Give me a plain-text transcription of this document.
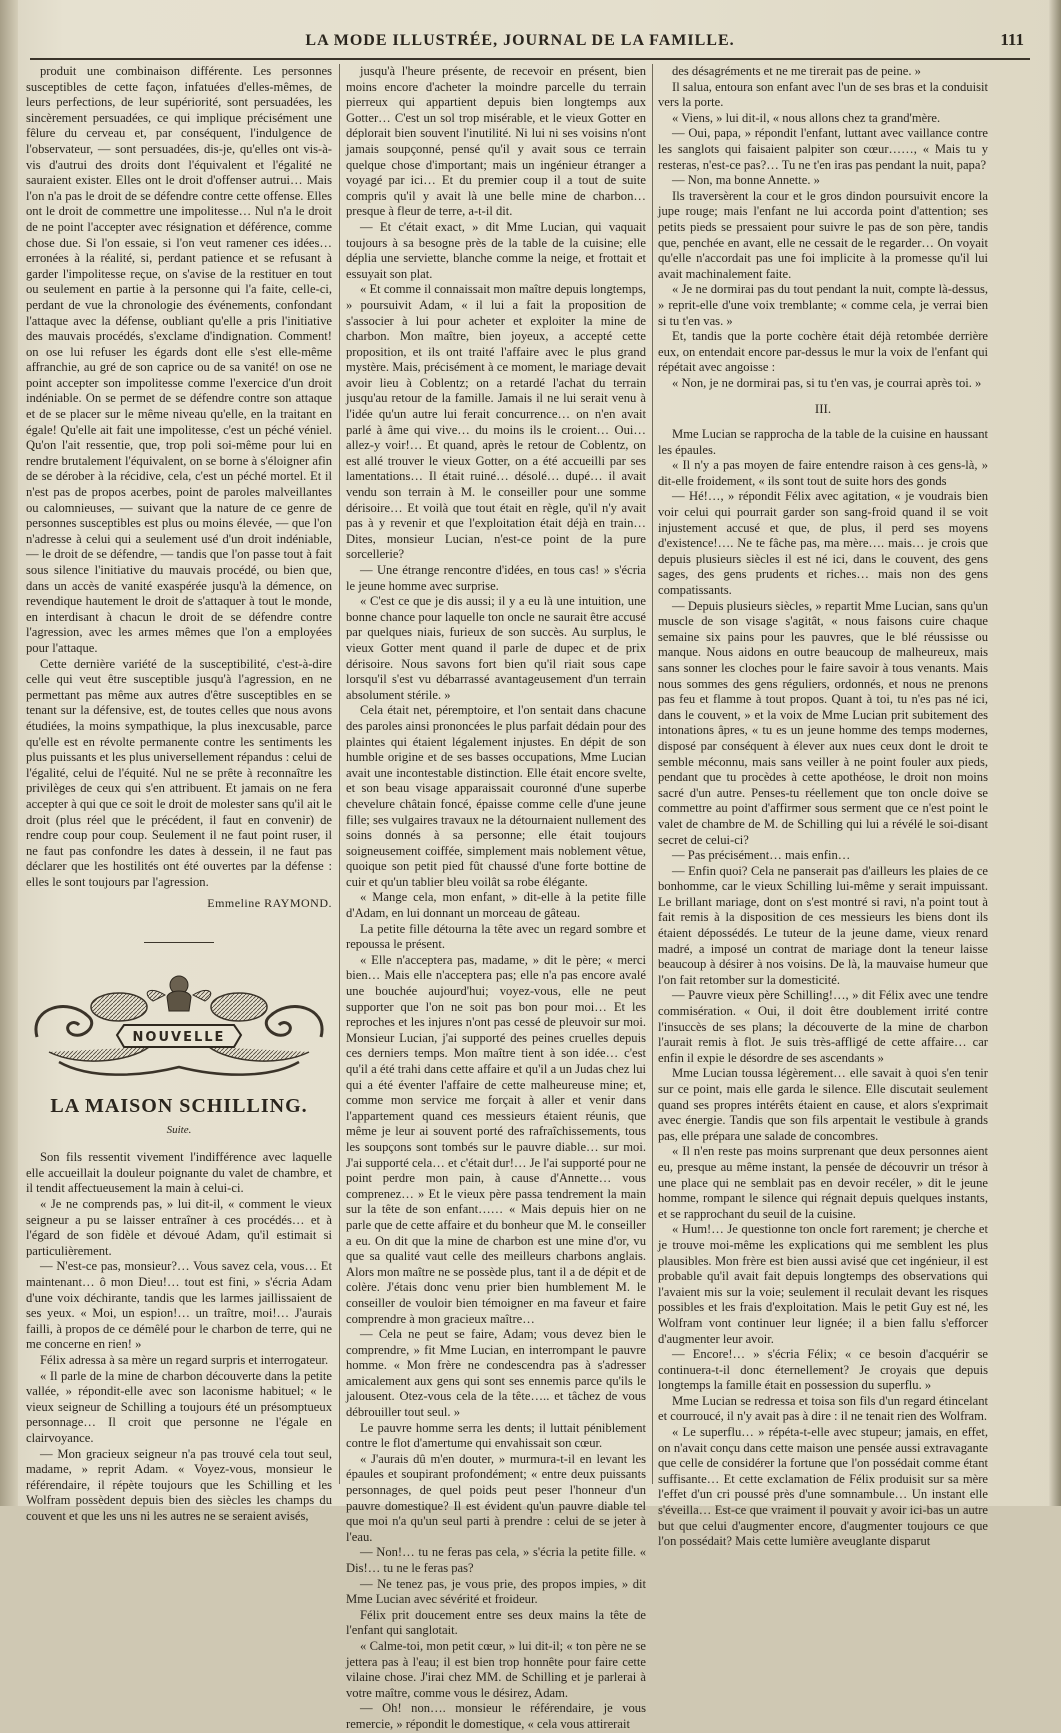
LA MODE ILLUSTRÉE, JOURNAL DE LA FAMILLE.	111

produit une combinaison différente. Les personnes susceptibles de cette façon, infatuées d'elles-mêmes, de leurs perfections, de leur supériorité, sont persuadées, les sincèrement persuadées, ce qui implique précisément une fêlure du cerveau et, par conséquent, l'indulgence de l'observateur, — sont persuadées, dis-je, qu'elles ont vis-à-vis d'autrui des droits dont l'équivalent et l'égalité ne sauraient exister. Elles ont le droit d'offenser autrui… Mais l'on n'a pas le droit de se défendre contre cette offense. Elles ont le droit de commettre une impolitesse… Nul n'a le droit de ne point l'accepter avec résignation et déférence, comme chose due. Si l'on essaie, si l'on veut ramener ces idées… erronées à la réalité, si, perdant patience et se refusant à garder l'impolitesse reçue, on s'avise de la restituer en tout ou seulement en partie à la personne qui l'a faite, celle-ci, perdant de vue la chronologie des événements, confondant l'attaque avec la défense, oubliant qu'elle a pris l'initiative des mauvais procédés, s'exclame d'indignation. Comment! on ose lui refuser les égards dont elle s'est elle-même affranchie, au gré de son caprice ou de sa vanité! on ose ne point accepter son impolitesse comme l'exercice d'un droit indéniable. On se permet de se défendre contre son attaque et de se placer sur le même niveau qu'elle, en la traitant en égale! Qu'elle ait fait une impolitesse, c'est un péché véniel. Qu'on l'ait ressentie, que, trop poli soi-même pour lui en rendre brutalement l'équivalent, on se borne à s'éloigner afin de se dérober à la récidive, cela, c'est un péché mortel. Et il n'est pas de propos acerbes, point de paroles malveillantes ou calomnieuses, — suivant que la nature de ce genre de personnes susceptibles est plus ou moins élevée, — que l'on n'adresse à celui qui a seulement usé d'un droit indéniable, — le droit de se défendre, — tandis que l'on passe tout à fait sous silence l'initiative du mauvais procédé, ou bien que, dans un accès de vanité exaspérée jusqu'à la démence, on revendique hautement le droit de s'attaquer à tout le monde, en interdisant à chacun le droit de se défendre contre l'agression, avec les armes mêmes que l'on a employées pour l'attaque.

Cette dernière variété de la susceptibilité, c'est-à-dire celle qui veut être susceptible jusqu'à l'agression, en ne permettant pas même aux autres d'être susceptibles en se tenant sur la défensive, est, de toutes celles que nous avons étudiées, la moins sympathique, la plus inexcusable, parce qu'elle est en révolte permanente contre les sentiments les plus puissants et les plus universellement répandus : celui de l'égalité, celui de l'équité. Nul ne se prête à reconnaître les privilèges de ceux qui s'en attribuent. Et jamais on ne fera accepter à qui que ce soit le droit de molester sans qu'il ait le droit (plus réel que le précédent, il faut en convenir) de rendre coup pour coup. Seulement il ne faut point ruser, il ne faut pas confondre les dates à dessein, il ne faut pas déclarer que les hostilités ont été ouvertes par la défense : elles le sont toujours par l'agression.

Emmeline RAYMOND.

NOUVELLE

LA MAISON SCHILLING.

Suite.

Son fils ressentit vivement l'indifférence avec laquelle elle accueillait la douleur poignante du valet de chambre, et il tendit affectueusement la main à celui-ci.

« Je ne comprends pas, » lui dit-il, « comment le vieux seigneur a pu se laisser entraîner à ces procédés… et à l'égard de son fidèle et dévoué Adam, qu'il estimait si particulièrement.

— N'est-ce pas, monsieur?… Vous savez cela, vous… Et maintenant… ô mon Dieu!… tout est fini, » s'écria Adam d'une voix déchirante, tandis que les larmes jaillissaient de ses yeux. « Moi, un espion!… un traître, moi!… J'aurais failli, à propos de ce démêlé pour le charbon de terre, qui ne me concerne en rien! »

Félix adressa à sa mère un regard surpris et interrogateur.

« Il parle de la mine de charbon découverte dans la petite vallée, » répondit-elle avec son laconisme habituel; « le vieux seigneur de Schilling a toujours été un présomptueux personnage… Il croit que personne ne l'égale en clairvoyance.

— Mon gracieux seigneur n'a pas trouvé cela tout seul, madame, » reprit Adam. « Voyez-vous, monsieur le référendaire, il répète toujours que les Schilling et les Wolfram possèdent depuis bien des siècles les champs du couvent et que les uns ni les autres ne se seraient avisés,

jusqu'à l'heure présente, de recevoir en présent, bien moins encore d'acheter la moindre parcelle du terrain pierreux qui appartient depuis bien longtemps aux Gotter… C'est un sol trop misérable, et le vieux Gotter en déplorait bien souvent l'inutilité. Ni lui ni ses voisins n'ont jamais soupçonné, pensé qu'il y avait sous ce terrain quelque chose d'important; mais un ingénieur étranger a voyagé par ici… Et du premier coup il a tout de suite compris qu'il y avait là une belle mine de charbon… presque à fleur de terre, a-t-il dit.

— Et c'était exact, » dit Mme Lucian, qui vaquait toujours à sa besogne près de la table de la cuisine; elle déplia une serviette, blanche comme la neige, et frottait et essuyait son plat.

« Et comme il connaissait mon maître depuis longtemps, » poursuivit Adam, « il lui a fait la proposition de s'associer à lui pour acheter et exploiter la mine de charbon. Mon maître, bien joyeux, a accepté cette proposition, et ils ont traité l'affaire avec le plus grand mystère. Mais, précisément à ce moment, le mariage devait avoir lieu à Coblentz; on a retardé l'achat du terrain jusqu'au retour de la famille. Jamais il ne lui serait venu à l'idée qu'un autre lui ferait concurrence… on n'en avait parlé à âme qui vive… du moins ils le croient… Oui… allez-y voir!… Et quand, après le retour de Coblentz, on est allé trouver le vieux Gotter, on a été accueilli par ses lamentations… Il était ruiné… désolé… dupé… il avait vendu son terrain à M. le conseiller pour une somme dérisoire… Et voilà que tout était en règle, qu'il n'y avait pas à y revenir et que l'exploitation était déjà en train… Dites, monsieur Lucian, n'est-ce point de la pure sorcellerie?

— Une étrange rencontre d'idées, en tous cas! » s'écria le jeune homme avec surprise.

« C'est ce que je dis aussi; il y a eu là une intuition, une bonne chance pour laquelle ton oncle ne saurait être accusé par quelques niais, furieux de son succès. Au surplus, le vieux Gotter ment quand il parle de dupeс et de prix dérisoire. Nous savons fort bien qu'il riait sous cape lorsqu'il s'est vu débarrassé avantageusement d'un terrain absolument stérile. »

Cela était net, péremptoire, et l'on sentait dans chacune des paroles ainsi prononcées le plus parfait dédain pour des plaintes qui étaient légalement injustes. En dépit de son humble origine et de ses basses occupations, Mme Lucian avait une incontestable distinction. Elle était encore svelte, et son beau visage apparaissait couronné d'une superbe chevelure châtain foncé, épaisse comme celle d'une jeune fille; ses vulgaires travaux ne la détournaient nullement des soins donnés à sa personne; elle était toujours soigneusement coiffée, simplement mais noblement vêtue, quoique son petit pied fût chaussé d'une forte bottine de cuir et qu'un tablier bleu voilât sa robe élégante.

« Mange cela, mon enfant, » dit-elle à la petite fille d'Adam, en lui donnant un morceau de gâteau.

La petite fille détourna la tête avec un regard sombre et repoussa le présent.

« Elle n'acceptera pas, madame, » dit le père; « merci bien… Mais elle n'acceptera pas; elle n'a pas encore avalé une bouchée aujourd'hui; voyez-vous, elle ne peut supporter que l'on ne soit pas bon pour moi… Et les reproches et les injures n'ont pas cessé de pleuvoir sur moi. Monsieur Lucian, j'ai supporté des peines cruelles depuis ces derniers temps. Mon maître tient à son idée… c'est qu'il a été trahi dans cette affaire et qu'il a un Judas chez lui qui a été éventer l'affaire de cette malheureuse mine; et, comme mon service me forçait à aller et venir dans l'appartement quand ces messieurs étaient réunis, que même je leur ai souvent porté des rafraîchissements, tous les soupçons sont tombés sur le pauvre diable… sur moi. J'ai supporté cela… et c'était dur!… Je l'ai supporté pour ne point perdre mon pain, à cause d'Annette… vous comprenez… » Et le vieux père passa tendrement la main sur la tête de son enfant…… « Mais depuis hier on ne parle que de cette affaire et du bonheur que M. le conseiller a eu. On dit que la mine de charbon est une mine d'or, vu que sa qualité vaut celle des meilleurs charbons anglais. Alors mon maître ne se possède plus, tant il a de dépit et de colère. J'étais donc venu prier bien humblement M. le conseiller de vouloir bien témoigner en ma faveur et faire comprendre à mon gracieux maître…

— Cela ne peut se faire, Adam; vous devez bien le comprendre, » fit Mme Lucian, en interrompant le pauvre homme. « Mon frère ne condescendra pas à s'adresser amicalement aux gens qui sont ses ennemis parce qu'ils le jalousent. Otez-vous cela de la tête….. et tâchez de vous débrouiller tout seul. »

Le pauvre homme serra les dents; il luttait péniblement contre le flot d'amertume qui envahissait son cœur.

« J'aurais dû m'en douter, » murmura-t-il en levant les épaules et soupirant profondément; « entre deux puissants personnages, de quel poids peut peser l'honneur d'un pauvre domestique? Il est évident qu'un pauvre diable tel que moi n'a qu'un seul parti à prendre : celui de se jeter à l'eau.

— Non!… tu ne feras pas cela, » s'écria la petite fille. « Dis!… tu ne le feras pas?

— Ne tenez pas, je vous prie, des propos impies, » dit Mme Lucian avec sévérité et froideur.

Félix prit doucement entre ses deux mains la tête de l'enfant qui sanglotait.

« Calme-toi, mon petit cœur, » lui dit-il; « ton père ne se jettera pas à l'eau; il est bien trop honnête pour faire cette vilaine chose. J'irai chez MM. de Schilling et je parlerai à votre maître, comme vous le désirez, Adam.

— Oh! non…. monsieur le référendaire, je vous remercie, » répondit le domestique, « cela vous attirerait

des désagréments et ne me tirerait pas de peine. »

Il salua, entoura son enfant avec l'un de ses bras et la conduisit vers la porte.

« Viens, » lui dit-il, « nous allons chez ta grand'mère.

— Oui, papa, » répondit l'enfant, luttant avec vaillance contre les sanglots qui faisaient palpiter son cœur……, « Mais tu y resteras, n'est-ce pas?… Tu ne t'en iras pas pendant la nuit, papa?

— Non, ma bonne Annette. »

Ils traversèrent la cour et le gros dindon poursuivit encore la jupe rouge; mais l'enfant ne lui accorda point d'attention; ses petits pieds se pressaient pour suivre le pas de son père, tandis que, penchée en avant, elle ne cessait de le regarder… On voyait qu'elle n'accordait pas une foi implicite à la promesse qu'il lui avait machinalement faite.

« Je ne dormirai pas du tout pendant la nuit, compte là-dessus, » reprit-elle d'une voix tremblante; « comme cela, je verrai bien si tu t'en vas. »

Et, tandis que la porte cochère était déjà retombée derrière eux, on entendait encore par-dessus le mur la voix de l'enfant qui répétait avec angoisse :

« Non, je ne dormirai pas, si tu t'en vas, je courrai après toi. »

III.

Mme Lucian se rapprocha de la table de la cuisine en haussant les épaules.

« Il n'y a pas moyen de faire entendre raison à ces gens-là, » dit-elle froidement, « ils sont tout de suite hors des gonds

— Hé!…, » répondit Félix avec agitation, « je voudrais bien voir celui qui pourrait garder son sang-froid quand il se voit injustement accusé et que, de plus, il perd ses moyens d'existence!…. Ne te fâche pas, ma mère…. mais… je crois que depuis plusieurs siècles il est né ici, dans le couvent, des gens sages, des gens prudents et riches… mais non des gens compatissants.

— Depuis plusieurs siècles, » repartit Mme Lucian, sans qu'un muscle de son visage s'agitât, « nous faisons cuire chaque semaine six pains pour les pauvres, que le blé réussisse ou manque. Nous aidons en outre beaucoup de malheureux, mais sans sonner les cloches pour le faire savoir à tous venants. Mais nous sommes des gens réguliers, ordonnés, et nous ne prenons pas feu et flamme à tout propos. Quant à toi, tu n'es pas né ici, dans le couvent, » et la voix de Mme Lucian prit subitement des intonations âpres, « tu es un jeune homme des temps modernes, disposé par conséquent à élever aux nues ceux dont le droit te semble méconnu, mais sans veiller à ne point fouler aux pieds, pendant que tu procèdes à cette apothéose, le droit non moins sacré d'un autre. Penses-tu réellement que ton oncle doive se commettre au point d'affirmer sous serment que ce n'est point le valet de chambre de M. de Schilling qui lui a révélé le soi-disant secret de celui-ci?

— Pas précisément… mais enfin…

— Enfin quoi? Cela ne panserait pas d'ailleurs les plaies de ce bonhomme, car le vieux Schilling lui-même y serait impuissant. Le brillant mariage, dont on s'est montré si ravi, n'a point tout à fait remis à la disposition de ces messieurs les biens dont ils étaient dépossédés. Le tuteur de la jeune dame, vieux renard madré, a imposé un contrat de mariage dont la teneur laisse beaucoup à désirer à nos voisins. De là, la mauvaise humeur que l'on fait retomber sur la domesticité.

— Pauvre vieux père Schilling!…, » dit Félix avec une tendre commisération. « Oui, il doit être doublement irrité contre l'insuccès de ses plans; la découverte de la mine de charbon l'aurait remis à flot. Je suis très-affligé de cette affaire… car enfin il expie le désordre de ses ascendants »

Mme Lucian toussa légèrement… elle savait à quoi s'en tenir sur ce point, mais elle garda le silence. Elle discutait seulement quand ses propres intérêts étaient en cause, et alors s'exprimait avec énergie. Tandis que son fils arpentait le vestibule à grands pas, elle prépara une salade de concombres.

« Il n'en reste pas moins surprenant que deux personnes aient eu, presque au même instant, la pensée de découvrir un trésor à une place qui ne semblait pas en devoir recéler, » dit le jeune homme, rompant le silence qui régnait depuis quelques instants, et se rapprochant du seuil de la cuisine.

« Hum!… Je questionne ton oncle fort rarement; je cherche et je trouve moi-même les explications qui me semblent les plus plausibles. Mon frère est bien aussi avisé que cet ingénieur, il est probable qu'il avait fait depuis longtemps des observations qui l'avaient mis sur la voie; seulement il reculait devant les risques possibles et les frais d'exploitation. Mais le petit Guy est né, les Wolfram vont continuer leur lignée; il a bien fallu s'efforcer d'augmenter leur avoir.

— Encore!… » s'écria Félix; « ce besoin d'acquérir se continuera-t-il donc éternellement? Je croyais que depuis longtemps la famille était en possession du superflu. »

Mme Lucian se redressa et toisa son fils d'un regard étincelant et courroucé, il n'y avait pas à dire : il ne tenait rien des Wolfram.

« Le superflu… » répéta-t-elle avec stupeur; jamais, en effet, on n'avait conçu dans cette maison une pensée aussi extravagante que celle de considérer la fortune que l'on possédait comme étant suffisante… Et cette exclamation de Félix produisit sur sa mère l'effet d'un cri poussé près d'une somnambule… Un instant elle s'éveilla… Est-ce que vraiment il pouvait y avoir ici-bas un autre but que celui d'augmenter encore, d'augmenter toujours ce que l'on possédait? Mais cette lumière aveuglante disparut
